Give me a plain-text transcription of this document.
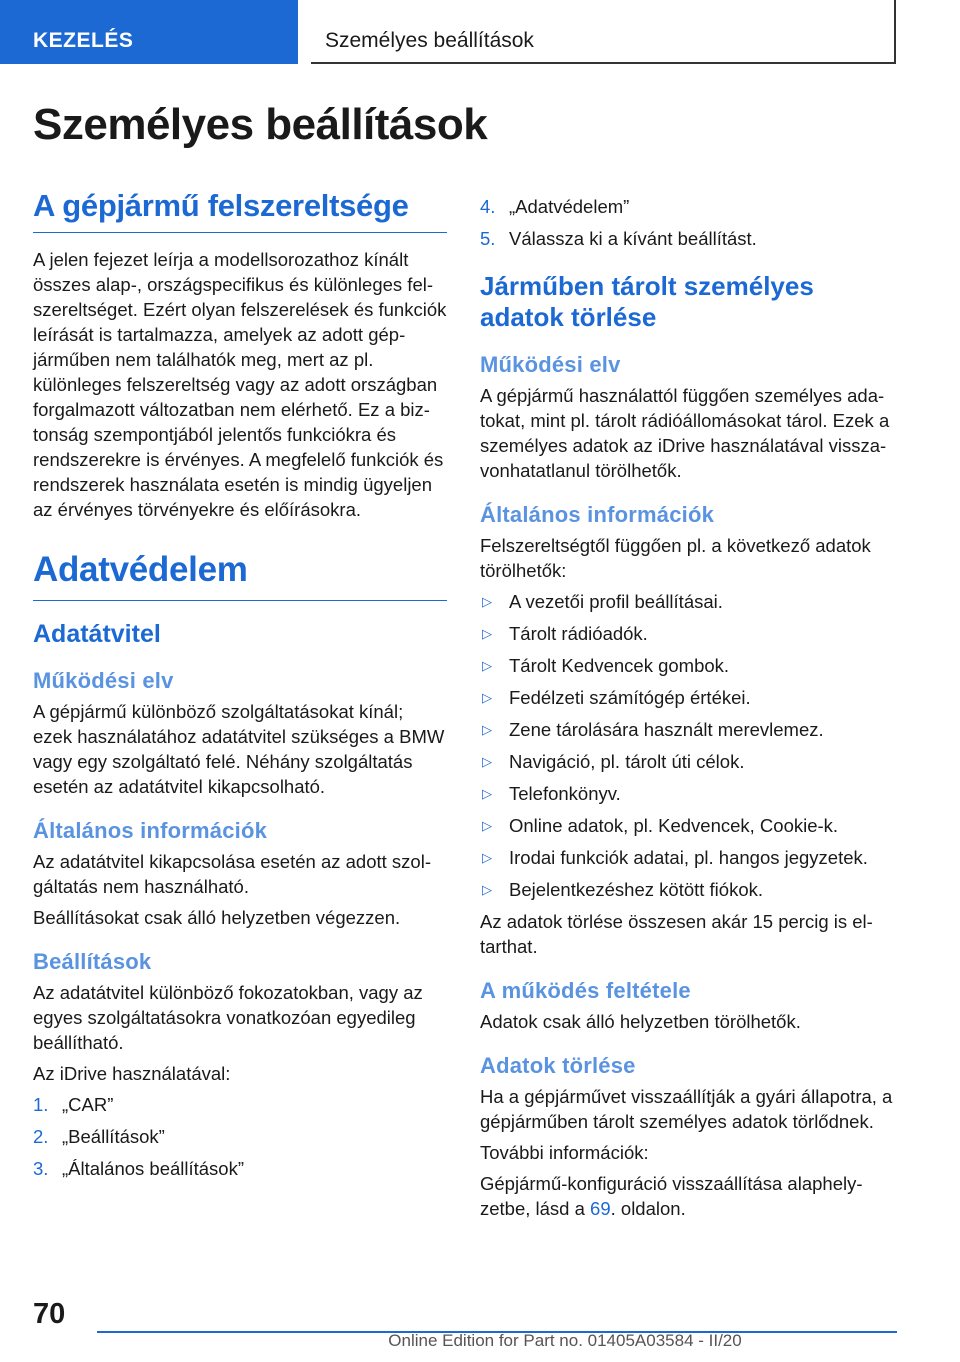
KEZELÉS	Személyes beállítások
Személyes beállítások
A gépjármű felszereltsége

A jelen fejezet leírja a modellsorozathoz kínált összes alap-, országspecifikus és különleges felszereltséget. Ezért olyan felszerelések és funkciók leírását is tartalmazza, amelyek az adott gépjárműben nem találhatók meg, mert az pl. különleges felszereltség vagy az adott országban forgalmazott változatban nem elérhető. Ez a biztonság szempontjából jelentős funkciókra és rendszerekre is érvényes. A megfelelő funkciók és rendszerek használata esetén is mindig ügyeljen az érvényes törvényekre és előírásokra.

Adatvédelem
Adatátvitel
Működési elv

A gépjármű különböző szolgáltatásokat kínál; ezek használatához adatátvitel szükséges a BMW vagy egy szolgáltató felé. Néhány szolgáltatás esetén az adatátvitel kikapcsolható.

Általános információk

Az adatátvitel kikapcsolása esetén az adott szolgáltatás nem használható.

Beállításokat csak álló helyzetben végezzen.

Beállítások

Az adatátvitel különböző fokozatokban, vagy az egyes szolgáltatásokra vonatkozóan egyedileg beállítható.

Az iDrive használatával:

1. „CAR”
2. „Beállítások”
3. „Általános beállítások”
4. „Adatvédelem”
5. Válassza ki a kívánt beállítást.
Járműben tárolt személyes adatok törlése
Működési elv

A gépjármű használattól függően személyes adatokat, mint pl. tárolt rádióállomásokat tárol. Ezek a személyes adatok az iDrive használatával visszavonhatatlanul törölhetők.

Általános információk

Felszereltségtől függően pl. a következő adatok törölhetők:

▷ A vezetői profil beállításai.
▷ Tárolt rádióadók.
▷ Tárolt Kedvencek gombok.
▷ Fedélzeti számítógép értékei.
▷ Zene tárolására használt merevlemez.
▷ Navigáció, pl. tárolt úti célok.
▷ Telefonkönyv.
▷ Online adatok, pl. Kedvencek, Cookie-k.
▷ Irodai funkciók adatai, pl. hangos jegyzetek.
▷ Bejelentkezéshez kötött fiókok.

Az adatok törlése összesen akár 15 percig is eltarthat.

A működés feltétele

Adatok csak álló helyzetben törölhetők.

Adatok törlése

Ha a gépjárművet visszaállítják a gyári állapotra, a gépjárműben tárolt személyes adatok törlődnek.

További információk:

Gépjármű-konfiguráció visszaállítása alaphelyzetbe, lásd a 69. oldalon.

70
Online Edition for Part no. 01405A03584 - II/20
